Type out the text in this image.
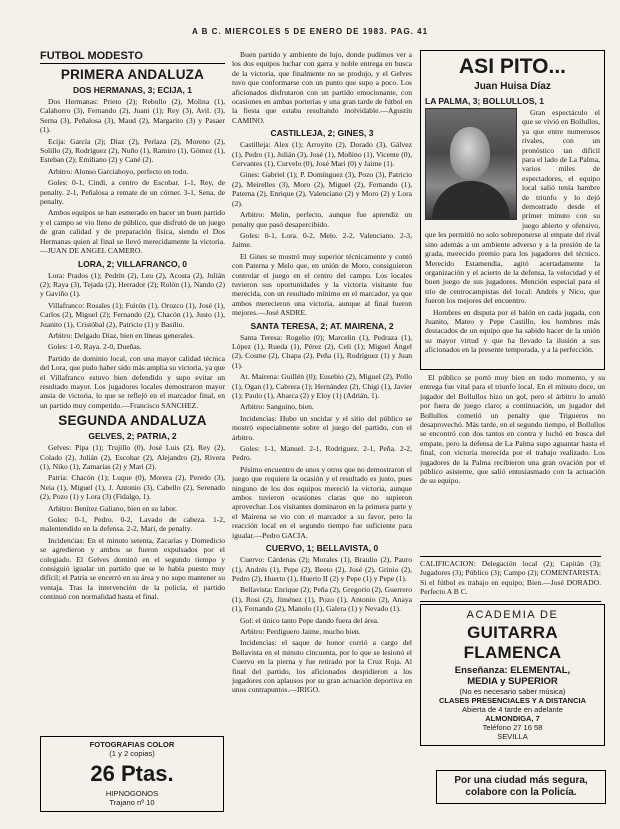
A B C. MIERCOLES 5 DE ENERO DE 1983. PAG. 41
FUTBOL MODESTO
PRIMERA ANDALUZA
DOS HERMANAS, 3; ECIJA, 1

Dos Hermanas: Prieto (2); Rebollo (2), Molina (1), Calahorro (3), Fernando (2), Juani (1); Rey (3), Avil. (3), Serna (3), Peñalosa (3), Maud (2), Margarito (3) y Pasaer (1).

Ecija: García (2); Díaz (2), Perlaza (2), Moreno (2), Solillo (2), Rodríguez (2), Nuño (1), Ramiro (1), Gómez (1), Esteban (2); Emiliano (2) y Cané (2).

Arbitro: Alonso Garciahoyo, perfecto en todo.

Goles: 0-1, Cindi, a centro de Escobar. 1-1, Rey, de penalty. 2-1, Peñalosa a remate de un córner. 3-1, Sena, de penalty.

Ambos equipos se han esmerado en hacer un buen partido y el campo se vio lleno de público, que disfrutó de un juego de gran calidad y de preparación física, siendo el Dos Hermanas quien al final se llevó merecidamente la victoria.—JUAN DE ANGEL CAMERO.

LORA, 2; VILLAFRANCO, 0

Lora: Prados (1); Pedrín (2), Leu (2), Acosta (2), Julián (2); Raya (3), Tejada (2), Herrador (2); Rolón (1), Nando (2) y Gaviño (1).

Villafranco: Rosales (1); Fuirón (1), Orozco (1), José (1), Carlos (2), Miguel (2); Fernando (2), Chacón (1), Justo (1), Juanito (1), Cristóbal (2), Patricio (1) y Basilio.

Arbitro: Delgado Díaz, bien en líneas generales.

Goles: 1-0, Raya. 2-0, Dueñas.

Partido de dominio local, con una mayor calidad técnica del Lora, que pudo haber sido más amplia su victoria, ya que el Villafranco estuvo bien defendido y supo evitar un resultado mayor. Los jugadores locales demostraron mayor ansia de victoria, lo que se reflejó en el marcador final, en un partido muy competido.—Francisco SANCHEZ.

SEGUNDA ANDALUZA
GELVES, 2; PATRIA, 2

Gelves: Pipa (1); Trujillo (0), José Luis (2), Rey (2), Colado (2), Julián (2), Escobar (2), Alejandro (2), Rivera (1), Niko (1), Zamarías (2) y Mari (2).

Patria: Chacón (1); Luque (0), Morera (2), Peredo (3), Neia (1), Miguel (1), J. Antonio (3), Cabello (2), Serenado (2), Pozo (1) y Lora (3) (Fidalgo, 1).

Arbitro: Benítez Galiano, bien en su labor.

Goles: 0-1, Pedro. 0-2, Lavado de cabeza. 1-2, malentendido en la defensa. 2-2, Mari, de penalty.

Incidencias: En el minuto setenta, Zacarías y Domedicio se agredieron y ambos se fueron expulsados por el colegiado. El Gelves dominó en el segundo tiempo y consiguió igualar un partido que se le había puesto muy difícil; el Patria se encerró en su área y no supo mantener su ventaja. Tras la intervención de la policía, el partido continuó con normalidad hasta el final.

FOTOGRAFIAS COLOR
(1 y 2 copias)
26 Ptas.
HIPNOGONOS
Trajano nº 10

Buen partido y ambiente de lujo, donde pudimos ver a los dos equipos luchar con garra y noble entrega en busca de la victoria, que finalmente no se produjo, y el Gelves tuvo que conformarse con un punto que supo a poco. Los aficionados disfrutaron con un partido emocionante, con ocasiones en ambas porterías y una gran tarde de fútbol en la fiesta que estaba resultando inolvidable.—Agustín CAMINO.

CASTILLEJA, 2; GINES, 3

Castilleja: Alex (1); Arroyito (2), Dorado (3), Gálvez (1), Pedro (1), Julián (3), José (1), Moñino (1), Vicente (0), Cervantes (1), Curvelo (0), José Mari (0) y Jaime (1).

Gines: Gabriel (1); P. Domínguez (3), Pozo (3), Patricio (2), Meirelles (3), Moro (2), Miguel (2), Fernando (1), Paterna (2), Enrique (2), Valenciano (2) y Moro (2) y Lora (2).

Arbitro: Melin, perfecto, aunque fue aprendiz un penalty que pasó desapercibido.

Goles: 0-1, Lora. 0-2, Melo. 2-2, Valenciano. 2-3, Jaime.

El Gines se mostró muy superior técnicamente y contó con Paterna y Melo que, en unión de Moro, consiguieron controlar el juego en el centro del campo. Los locales tuvieron sus oportunidades y la victoria visitante fue merecida, con un resultado mínimo en el marcador, ya que ambos merecieron una victoria, aunque al final fueron mejores.—José ASDRE.

SANTA TERESA, 2; AT. MAIRENA, 2

Santa Teresa: Rogelio (0); Marcelin (1), Pedraza (1), López (1), Rueda (1), Pérez (2), Celi (1); Miguel Ángel (2), Cosme (2), Chapa (2), Peña (1), Rodríguez (1) y Juan (1).

At. Mairena: Guillén (0); Eusebio (2), Miguel (2), Pollo (1), Ogan (1), Cabrera (1); Hernández (2), Chigi (1), Javier (1); Paulo (1), Abarca (2) y Eloy (1) (Adrián, 1).

Arbitro: Sanguino, bien.

Incidencias: Hubo un sucidar y el sitio del público se mostró especialmente sobre el juego del partido, con el árbitro.

Goles: 1-1, Manuel. 2-1, Rodríguez. 2-1, Peña. 2-2, Pedro.

Pésimo encuentro de unos y otros que no demostraron el juego que requiere la ocasión y el resultado es justo, pues ninguno de los dos equipos mereció la victoria, aunque ambos tuvieron ocasiones claras que no supieron aprovechar. Los visitantes dominaron en la primera parte y el Mairena se vio con el marcador a su favor, pero la reacción local en el segundo tiempo fue suficiente para igualar.—Pedro GACIA.

CUERVO, 1; BELLAVISTA, 0

Cuervo: Cárdenas (2); Morales (1), Braulio (2), Pauro (1), Andrés (1), Pepe (2), Beeto (2), José (2), Grinio (2), Pedro (2), Huerto (1), Huerto II (2) y Pepe (1) y Pepe (1).

Bellavista: Enrique (2); Peña (2), Gregorio (2), Guerrero (1), Rosi (2), Jiménez (1), Pozo (1), Antonio (2), Anaya (1), Fernando (2), Manolo (1), Galera (1) y Nevado (1).

Gol: el único tanto Pepe dando fuera del área.

Arbitro: Perdiguero Jaime, mucho bien.

Incidencias: el saque de honor corrió a cargo del Bellavista en el minuto cincuenta, por lo que se lesionó el Cuervo en la pierna y fue retirado por la Cruz Roja. Al final del partido, los aficionados despidieron a los jugadores con aplausos por su gran actuación deportiva en unos contrapuntos.—IRIGO.

ASI PITO...
Juan Huisa Díaz
LA PALMA, 3; BOLLULLOS, 1

Gran espectáculo el que se vivió en Bollullos, ya que entre numerosos rivales, con un pronóstico tan difícil para el lado de La Palma, varios miles de espectadores, el equipo local salió tenía hambre de triunfo y lo dejó demostrado desde el primer minuto con su juego abierto y ofensivo, que les permitió no solo sobreponerse al empate del rival sino además a un ambiente adverso y a la presión de la grada, merecido premio para los jugadores del técnico. Merecido Estamendia, agitó acertadamente la organización y el acierto de la defensa, la velocidad y el buen juego de sus jugadores. Mención especial para el trío de centrocampistas del local: Andrés y Nico, que fueron los mejores del encuentro.

Hombres en disputa por el balón en cada jugada, con Juanito, Mateo y Pepe Castillo, los hombres más destacados de un equipo que ha sabido hacer de la unión su mayor virtud y que ha llevado la ilusión a sus aficionados en la presente temporada, y a la perfección.

El público se portó muy bien en todo momento, y su entrega fue vital para el triunfo local. En el minuto doce, un jugador del Bollullos hizo un gol, pero el árbitro lo anuló por fuera de juego claro; a continuación, un jugador del Bollullos cometió un penalty que Trigueros no desaprovechó. Más tarde, en el segundo tiempo, el Bollullos se encontró con dos tantos en contra y luchó en busca del empate, pero la defensa de La Palma supo aguantar hasta el final, con victoria merecida por el trabajo realizado. Los jugadores de la Palma recibieron una gran ovación por el público asistente, que salió entusiasmado con la actuación de su equipo.

CALIFICACION: Delegación local (2); Capitán (3); Jugadores (3); Público (3); Campo (2); COMENTARISTA: Si el fútbol es trabajo en equipo; Bien.—José DORADO. Perfecto A B C.

ACADEMIA DE
GUITARRA FLAMENCA
Enseñanza: ELEMENTAL,
MEDIA y SUPERIOR
(No es necesario saber música)
CLASES PRESENCIALES Y A DISTANCIA
Abierta de 4 tarde en adelante
ALMONDIGA, 7
Teléfono 27 16 58
SEVILLA
Por una ciudad más segura, colabore con la Policía.
